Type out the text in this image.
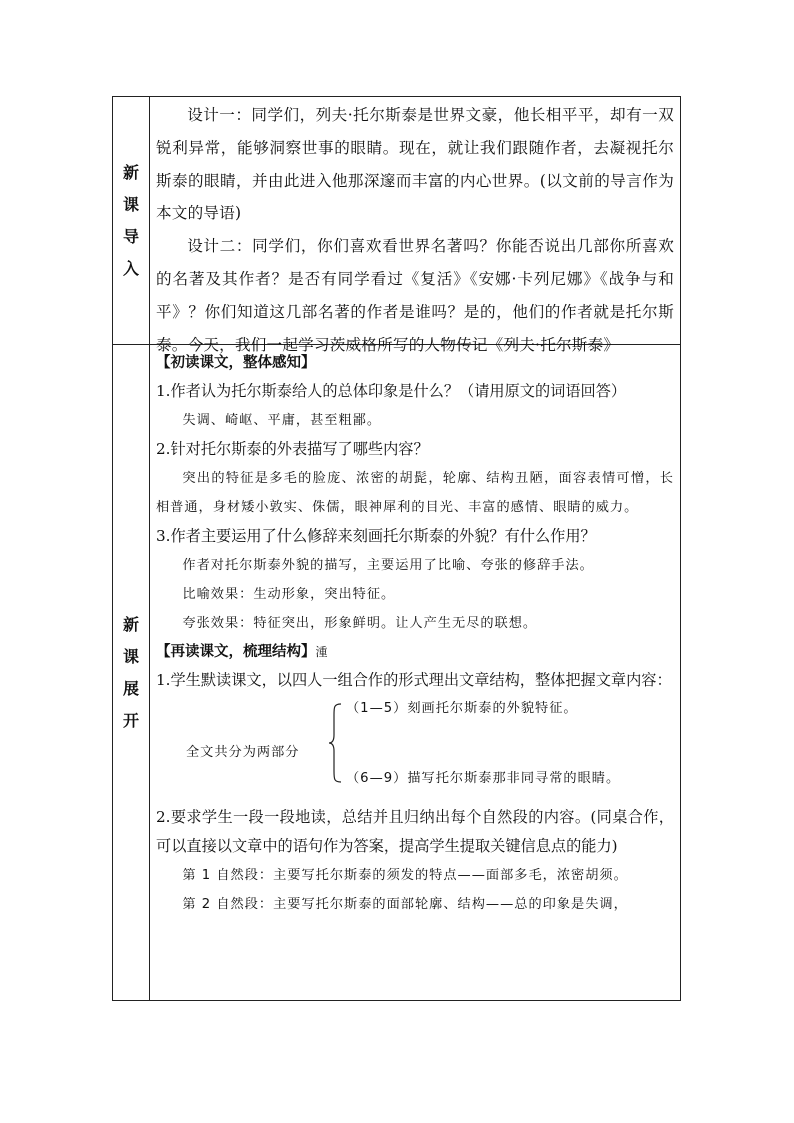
新
课
导
入

设计一：同学们，列夫·托尔斯泰是世界文豪，他长相平平，却有一双锐利异常，能够洞察世事的眼睛。现在，就让我们跟随作者，去凝视托尔斯泰的眼睛，并由此进入他那深邃而丰富的内心世界。(以文前的导言作为本文的导语)

设计二：同学们，你们喜欢看世界名著吗？你能否说出几部你所喜欢的名著及其作者？是否有同学看过《复活》《安娜·卡列尼娜》《战争与和平》？你们知道这几部名著的作者是谁吗？是的，他们的作者就是托尔斯泰。今天，我们一起学习茨威格所写的人物传记《列夫·托尔斯泰》

新
课
展
开

【初读课文，整体感知】

1.作者认为托尔斯泰给人的总体印象是什么？（请用原文的词语回答）

失调、崎岖、平庸，甚至粗鄙。

2.针对托尔斯泰的外表描写了哪些内容？

突出的特征是多毛的脸庞、浓密的胡髭，轮廓、结构丑陋，面容表情可憎，长相普通，身材矮小敦实、侏儒，眼神犀利的目光、丰富的感情、眼睛的威力。

3.作者主要运用了什么修辞来刻画托尔斯泰的外貌？有什么作用？

作者对托尔斯泰外貌的描写，主要运用了比喻、夸张的修辞手法。

比喻效果：生动形象，突出特征。

夸张效果：特征突出，形象鲜明。让人产生无尽的联想。

【再读课文，梳理结构】湩

1.学生默读课文，以四人一组合作的形式理出文章结构，整体把握文章内容：

全文共分为两部分
（1—5）刻画托尔斯泰的外貌特征。
（6—9）描写托尔斯泰那非同寻常的眼睛。

2.要求学生一段一段地读，总结并且归纳出每个自然段的内容。(同桌合作，可以直接以文章中的语句作为答案，提高学生提取关键信息点的能力)

第 1 自然段：主要写托尔斯泰的须发的特点——面部多毛，浓密胡须。

第 2 自然段：主要写托尔斯泰的面部轮廓、结构——总的印象是失调，
